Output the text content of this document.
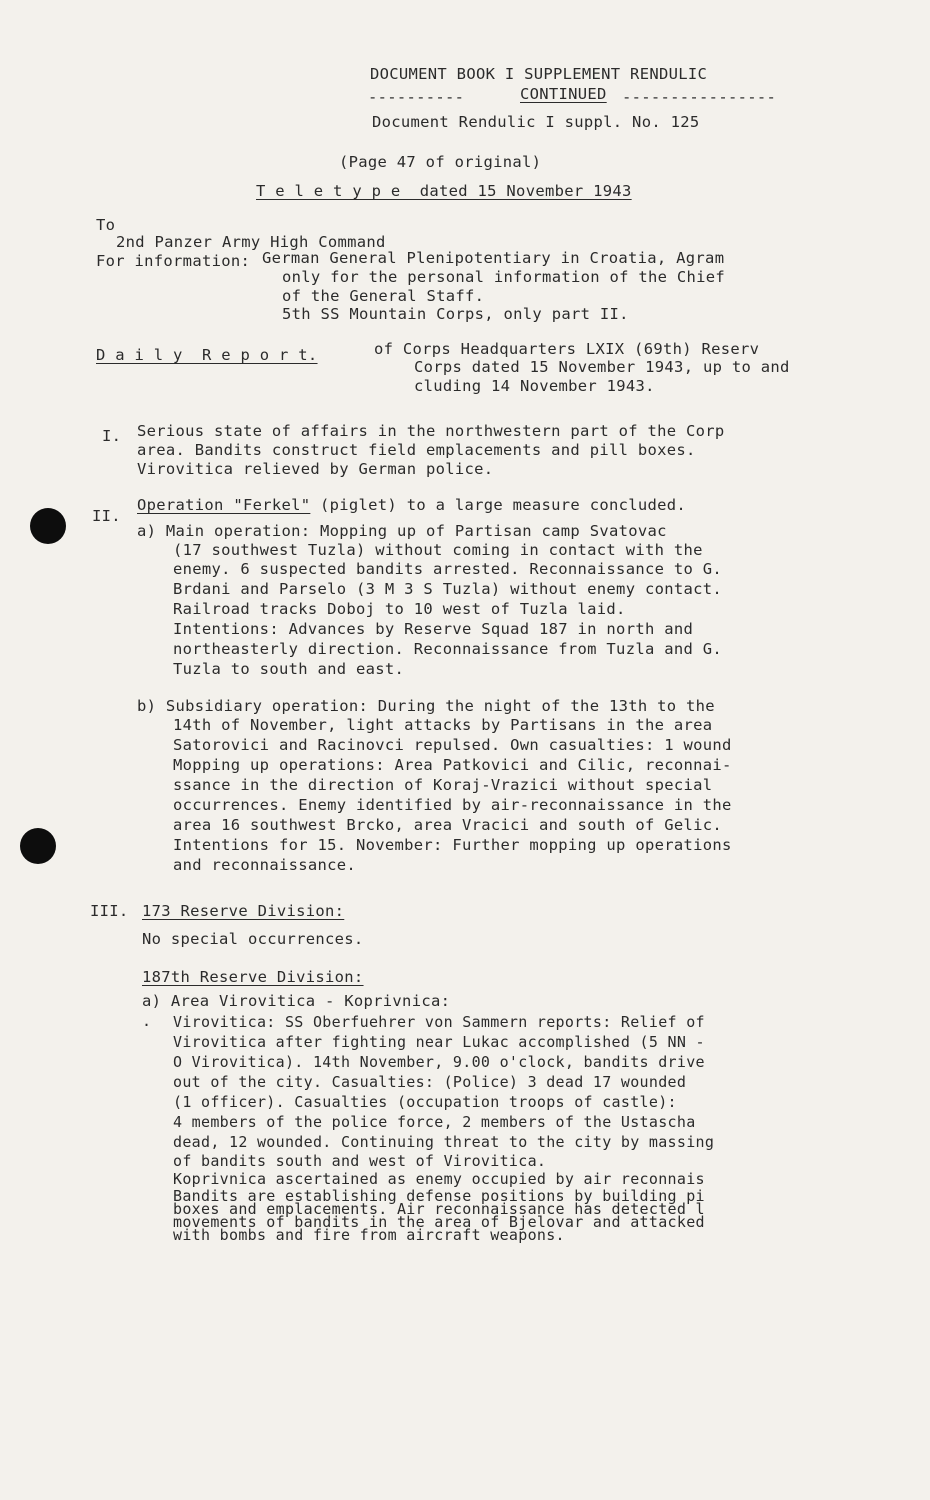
DOCUMENT BOOK I SUPPLEMENT RENDULIC
----------	CONTINUED ----------------
Document Rendulic I suppl. No. 125
(Page 47 of original)
T e l e t y p e  dated 15 November 1943
To
2nd Panzer Army High Command
For information: German General Plenipotentiary in Croatia, Agram
only for the personal information of the Chief
of the General Staff.
5th SS Mountain Corps, only part II.
D a i l y  R e p o r t.	of Corps Headquarters LXIX (69th) Reserv
Corps dated 15 November 1943, up to and
cluding 14 November 1943.
I. Serious state of affairs in the northwestern part of the Corp
area. Bandits construct field emplacements and pill boxes.
Virovitica relieved by German police.
II.
Operation "Ferkel" (piglet) to a large measure concluded.
a) Main operation: Mopping up of Partisan camp Svatovac
(17 southwest Tuzla) without coming in contact with the
enemy. 6 suspected bandits arrested. Reconnaissance to G.
Brdani and Parselo (3 M 3 S Tuzla) without enemy contact.
Railroad tracks Doboj to 10 west of Tuzla laid.
Intentions: Advances by Reserve Squad 187 in north and
northeasterly direction. Reconnaissance from Tuzla and G.
Tuzla to south and east.
b) Subsidiary operation: During the night of the 13th to the
14th of November, light attacks by Partisans in the area
Satorovici and Racinovci repulsed. Own casualties: 1 wound
Mopping up operations: Area Patkovici and Cilic, reconnai-
ssance in the direction of Koraj-Vrazici without special
occurrences. Enemy identified by air-reconnaissance in the
area 16 southwest Brcko, area Vracici and south of Gelic.
Intentions for 15. November: Further mopping up operations
and reconnaissance.
III. 173 Reserve Division:
No special occurrences.
187th Reserve Division:
a) Area Virovitica - Koprivnica:
· Virovitica: SS Oberfuehrer von Sammern reports: Relief of
Virovitica after fighting near Lukac accomplished (5 NN -
O Virovitica). 14th November, 9.00 o'clock, bandits drive
out of the city. Casualties: (Police) 3 dead 17 wounded
(1 officer). Casualties (occupation troops of castle):
4 members of the police force, 2 members of the Ustascha
dead, 12 wounded. Continuing threat to the city by massing
of bandits south and west of Virovitica.
Koprivnica ascertained as enemy occupied by air reconnais
Bandits are establishing defense positions by building pi
boxes and emplacements. Air reconnaissance has detected l
movements of bandits in the area of Bjelovar and attacked
with bombs and fire from aircraft weapons.
